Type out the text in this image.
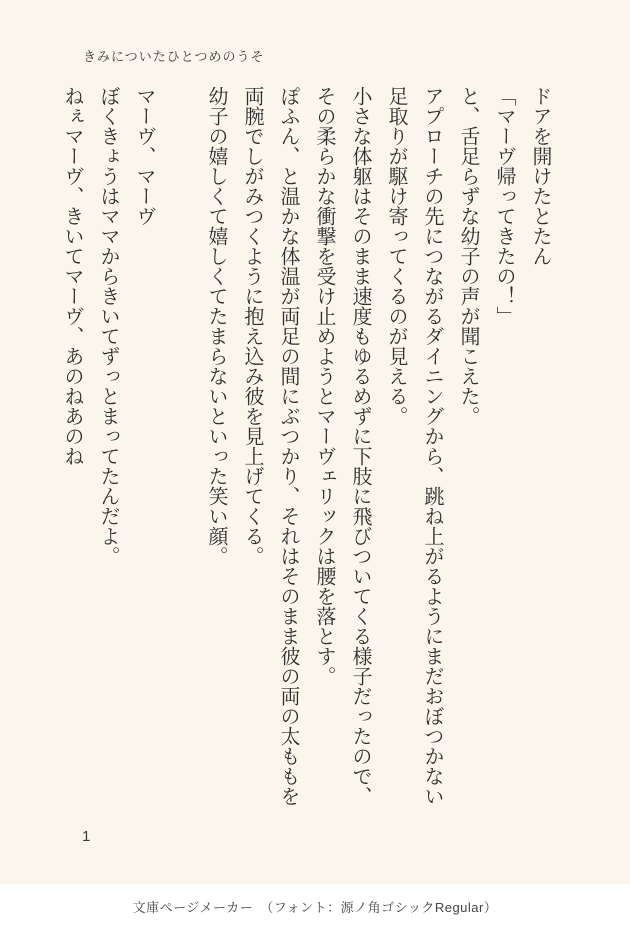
きみについたひとつめのうそ

ドアを開けたとたん

「マーヴ帰ってきたの！」

と、舌足らずな幼子の声が聞こえた。

アプローチの先につながるダイニングから、跳ね上がるようにまだおぼつかない足取りが駆け寄ってくるのが見える。

小さな体躯はそのまま速度もゆるめずに下肢に飛びついてくる様子だったので、その柔らかな衝撃を受け止めようとマーヴェリックは腰を落とす。

ぽふん、と温かな体温が両足の間にぶつかり、それはそのまま彼の両の太ももを両腕でしがみつくように抱え込み彼を見上げてくる。

幼子の嬉しくて嬉しくてたまらないといった笑い顔。

マーヴ、マーヴ

ぼくきょうはママからきいてずっとまってたんだよ。

ねぇマーヴ、きいてマーヴ、あのねあのね

1
文庫ページメーカー　（フォント：源ノ角ゴシックRegular）
